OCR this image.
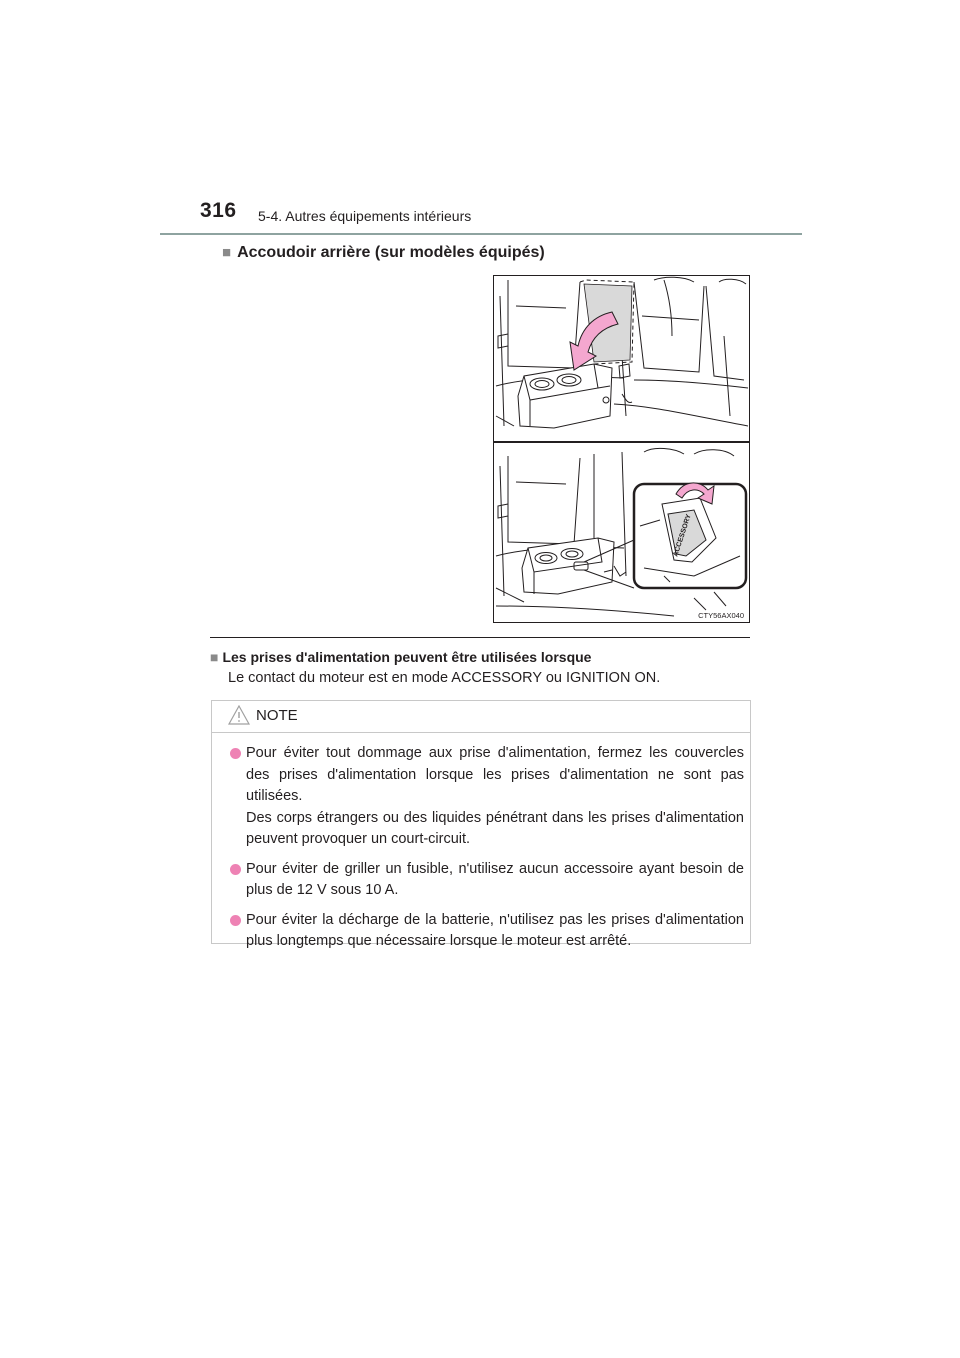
316 5-4. Autres équipements intérieurs
■ Accoudoir arrière (sur modèles équipés)
ACCESSORY
CTY56AX040
■ Les prises d'alimentation peuvent être utilisées lorsque
Le contact du moteur est en mode ACCESSORY ou IGNITION ON.
NOTE

Pour éviter tout dommage aux prise d'alimentation, fermez les couvercles des prises d'alimentation lorsque les prises d'alimentation ne sont pas utilisées.

Des corps étrangers ou des liquides pénétrant dans les prises d'alimentation peuvent provoquer un court-circuit.

Pour éviter de griller un fusible, n'utilisez aucun accessoire ayant besoin de plus de 12 V sous 10 A.

Pour éviter la décharge de la batterie, n'utilisez pas les prises d'alimentation plus longtemps que nécessaire lorsque le moteur est arrêté.
